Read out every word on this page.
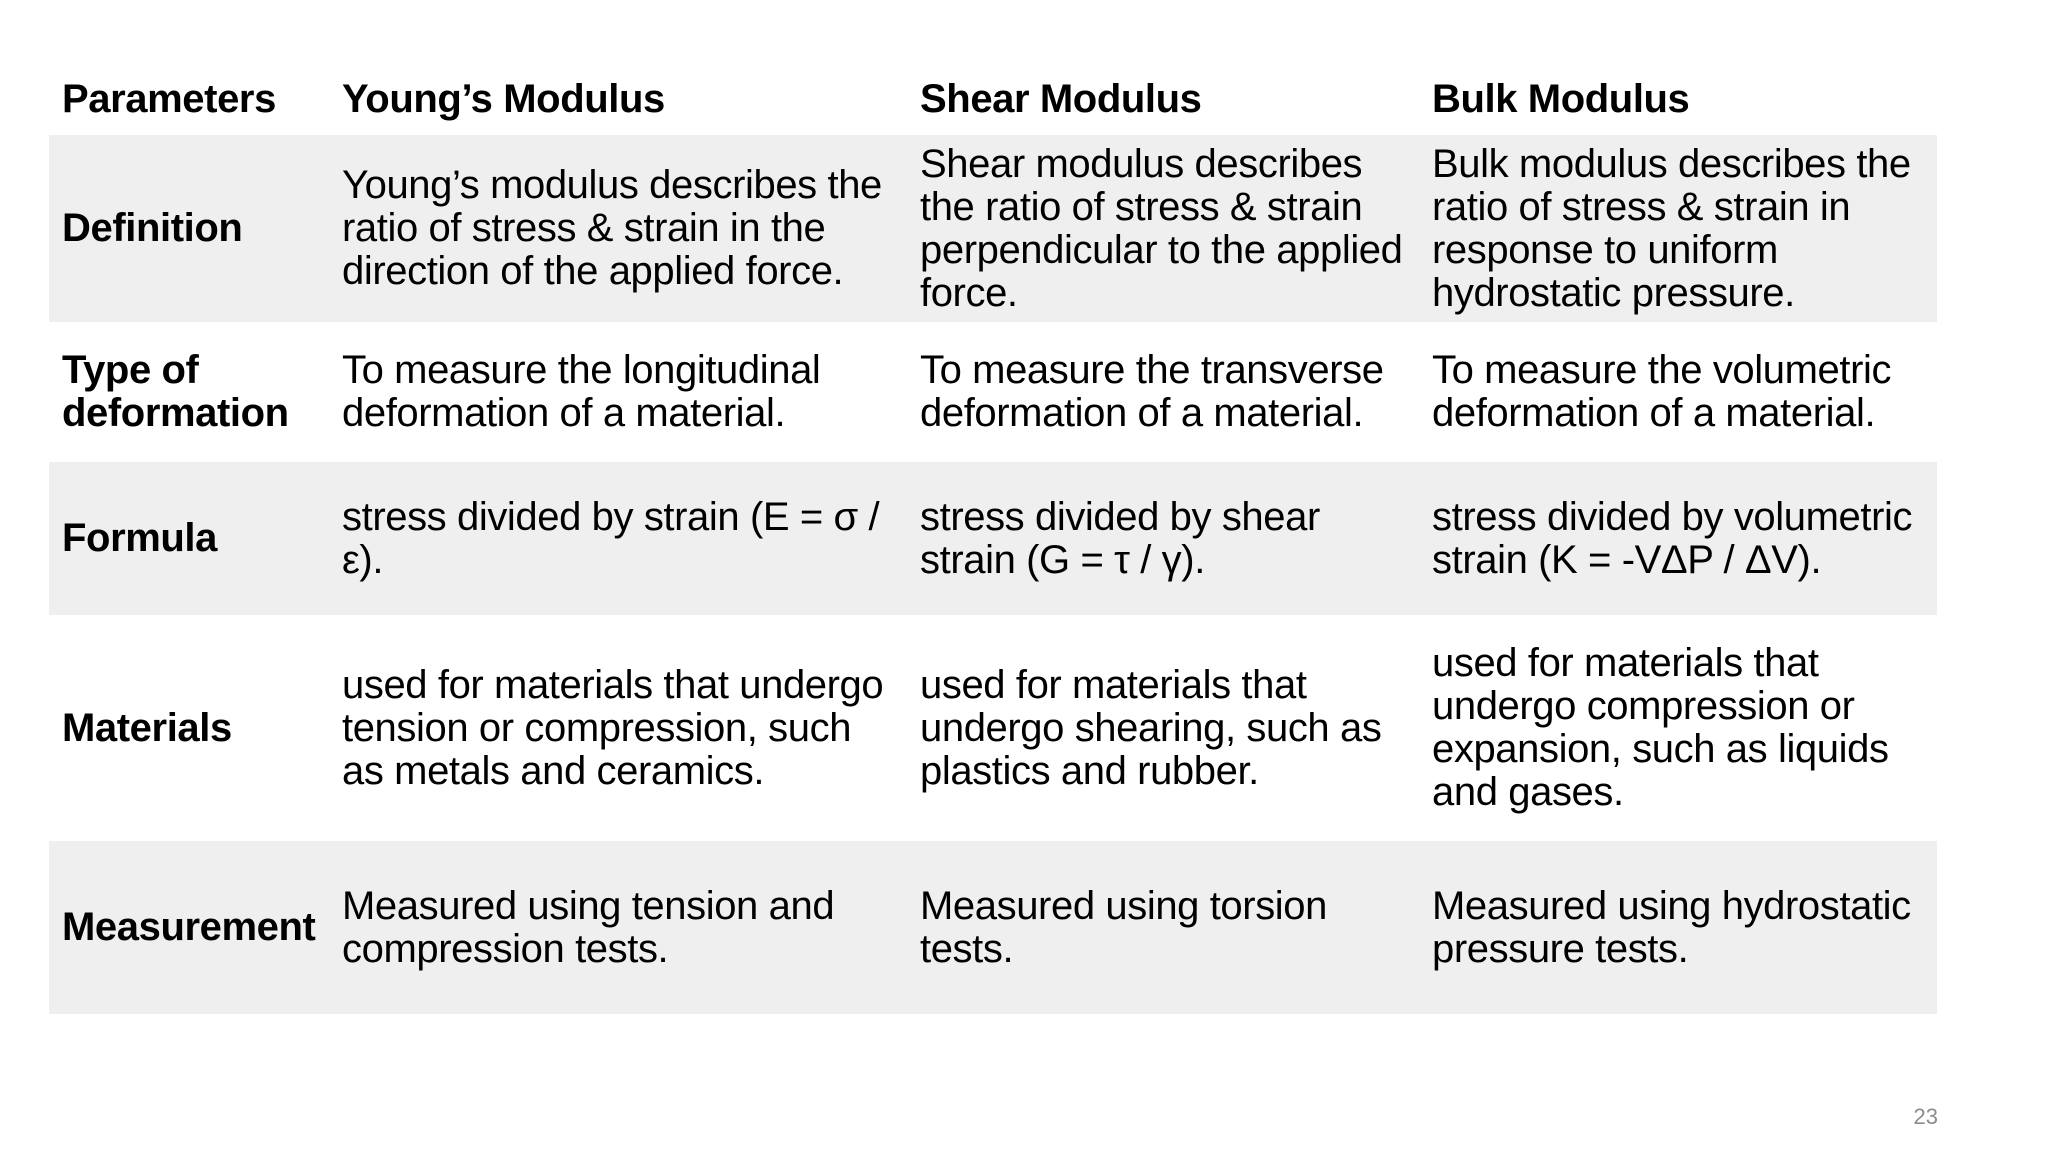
Parameters	Young’s Modulus	Shear Modulus	Bulk Modulus
Definition	Young’s modulus describes the ratio of stress & strain in the direction of the applied force.	Shear modulus describes the ratio of stress & strain perpendicular to the applied force.	Bulk modulus describes the ratio of stress & strain in response to uniform hydrostatic pressure.
Type of deformation	To measure the longitudinal deformation of a material.	To measure the transverse deformation of a material.	To measure the volumetric deformation of a material.
Formula	stress divided by strain (E = σ / ε).	stress divided by shear strain (G = τ / γ).	stress divided by volumetric strain (K = -VΔP / ΔV).
Materials	used for materials that undergo tension or compression, such as metals and ceramics.	used for materials that undergo shearing, such as plastics and rubber.	used for materials that undergo compression or expansion, such as liquids and gases.
Measurement	Measured using tension and compression tests.	Measured using torsion tests.	Measured using hydrostatic pressure tests.
23
